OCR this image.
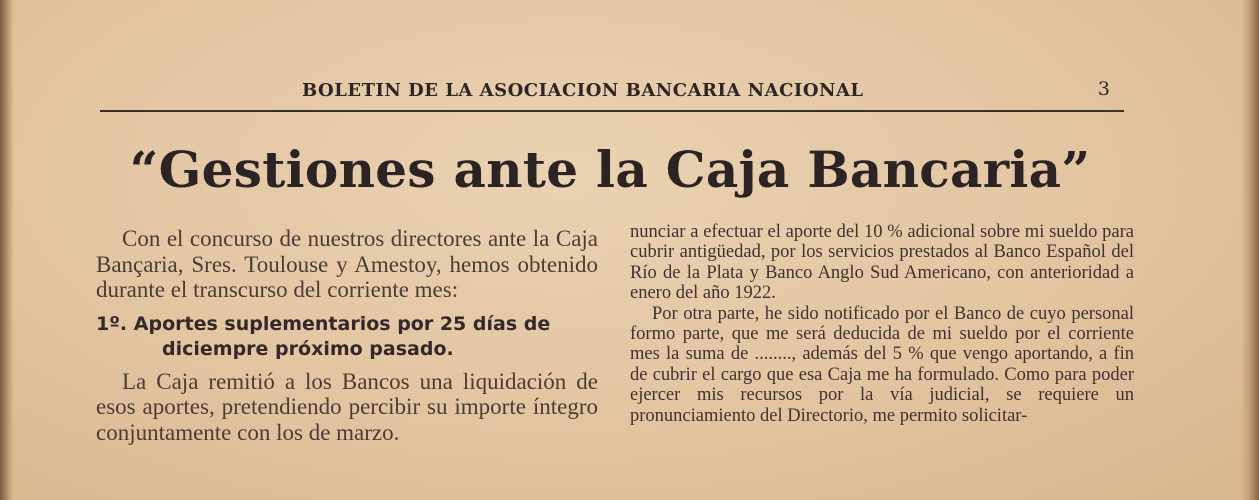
BOLETIN DE LA ASOCIACION BANCARIA NACIONAL	3
“Gestiones ante la Caja Bancaria”

Con el concurso de nuestros directores ante la Caja Bançaria, Sres. Toulouse y Amestoy, hemos obtenido durante el transcurso del corriente mes:

1º. Aportes suplementarios por 25 días de
diciempre próximo pasado.

La Caja remitió a los Bancos una liquidación de esos aportes, pretendiendo percibir su importe íntegro conjuntamente con los de marzo.

nunciar a efectuar el aporte del 10 % adicional sobre mi sueldo para cubrir antigüedad, por los servicios prestados al Banco Español del Río de la Plata y Banco Anglo Sud Americano, con anterioridad a enero del año 1922.

Por otra parte, he sido notificado por el Banco de cuyo personal formo parte, que me será deducida de mi sueldo por el corriente mes la suma de ........, además del 5 % que vengo aportando, a fin de cubrir el cargo que esa Caja me ha formulado. Como para poder ejercer mis recursos por la vía judicial, se requiere un pronunciamiento del Directorio, me permito solicitar-
